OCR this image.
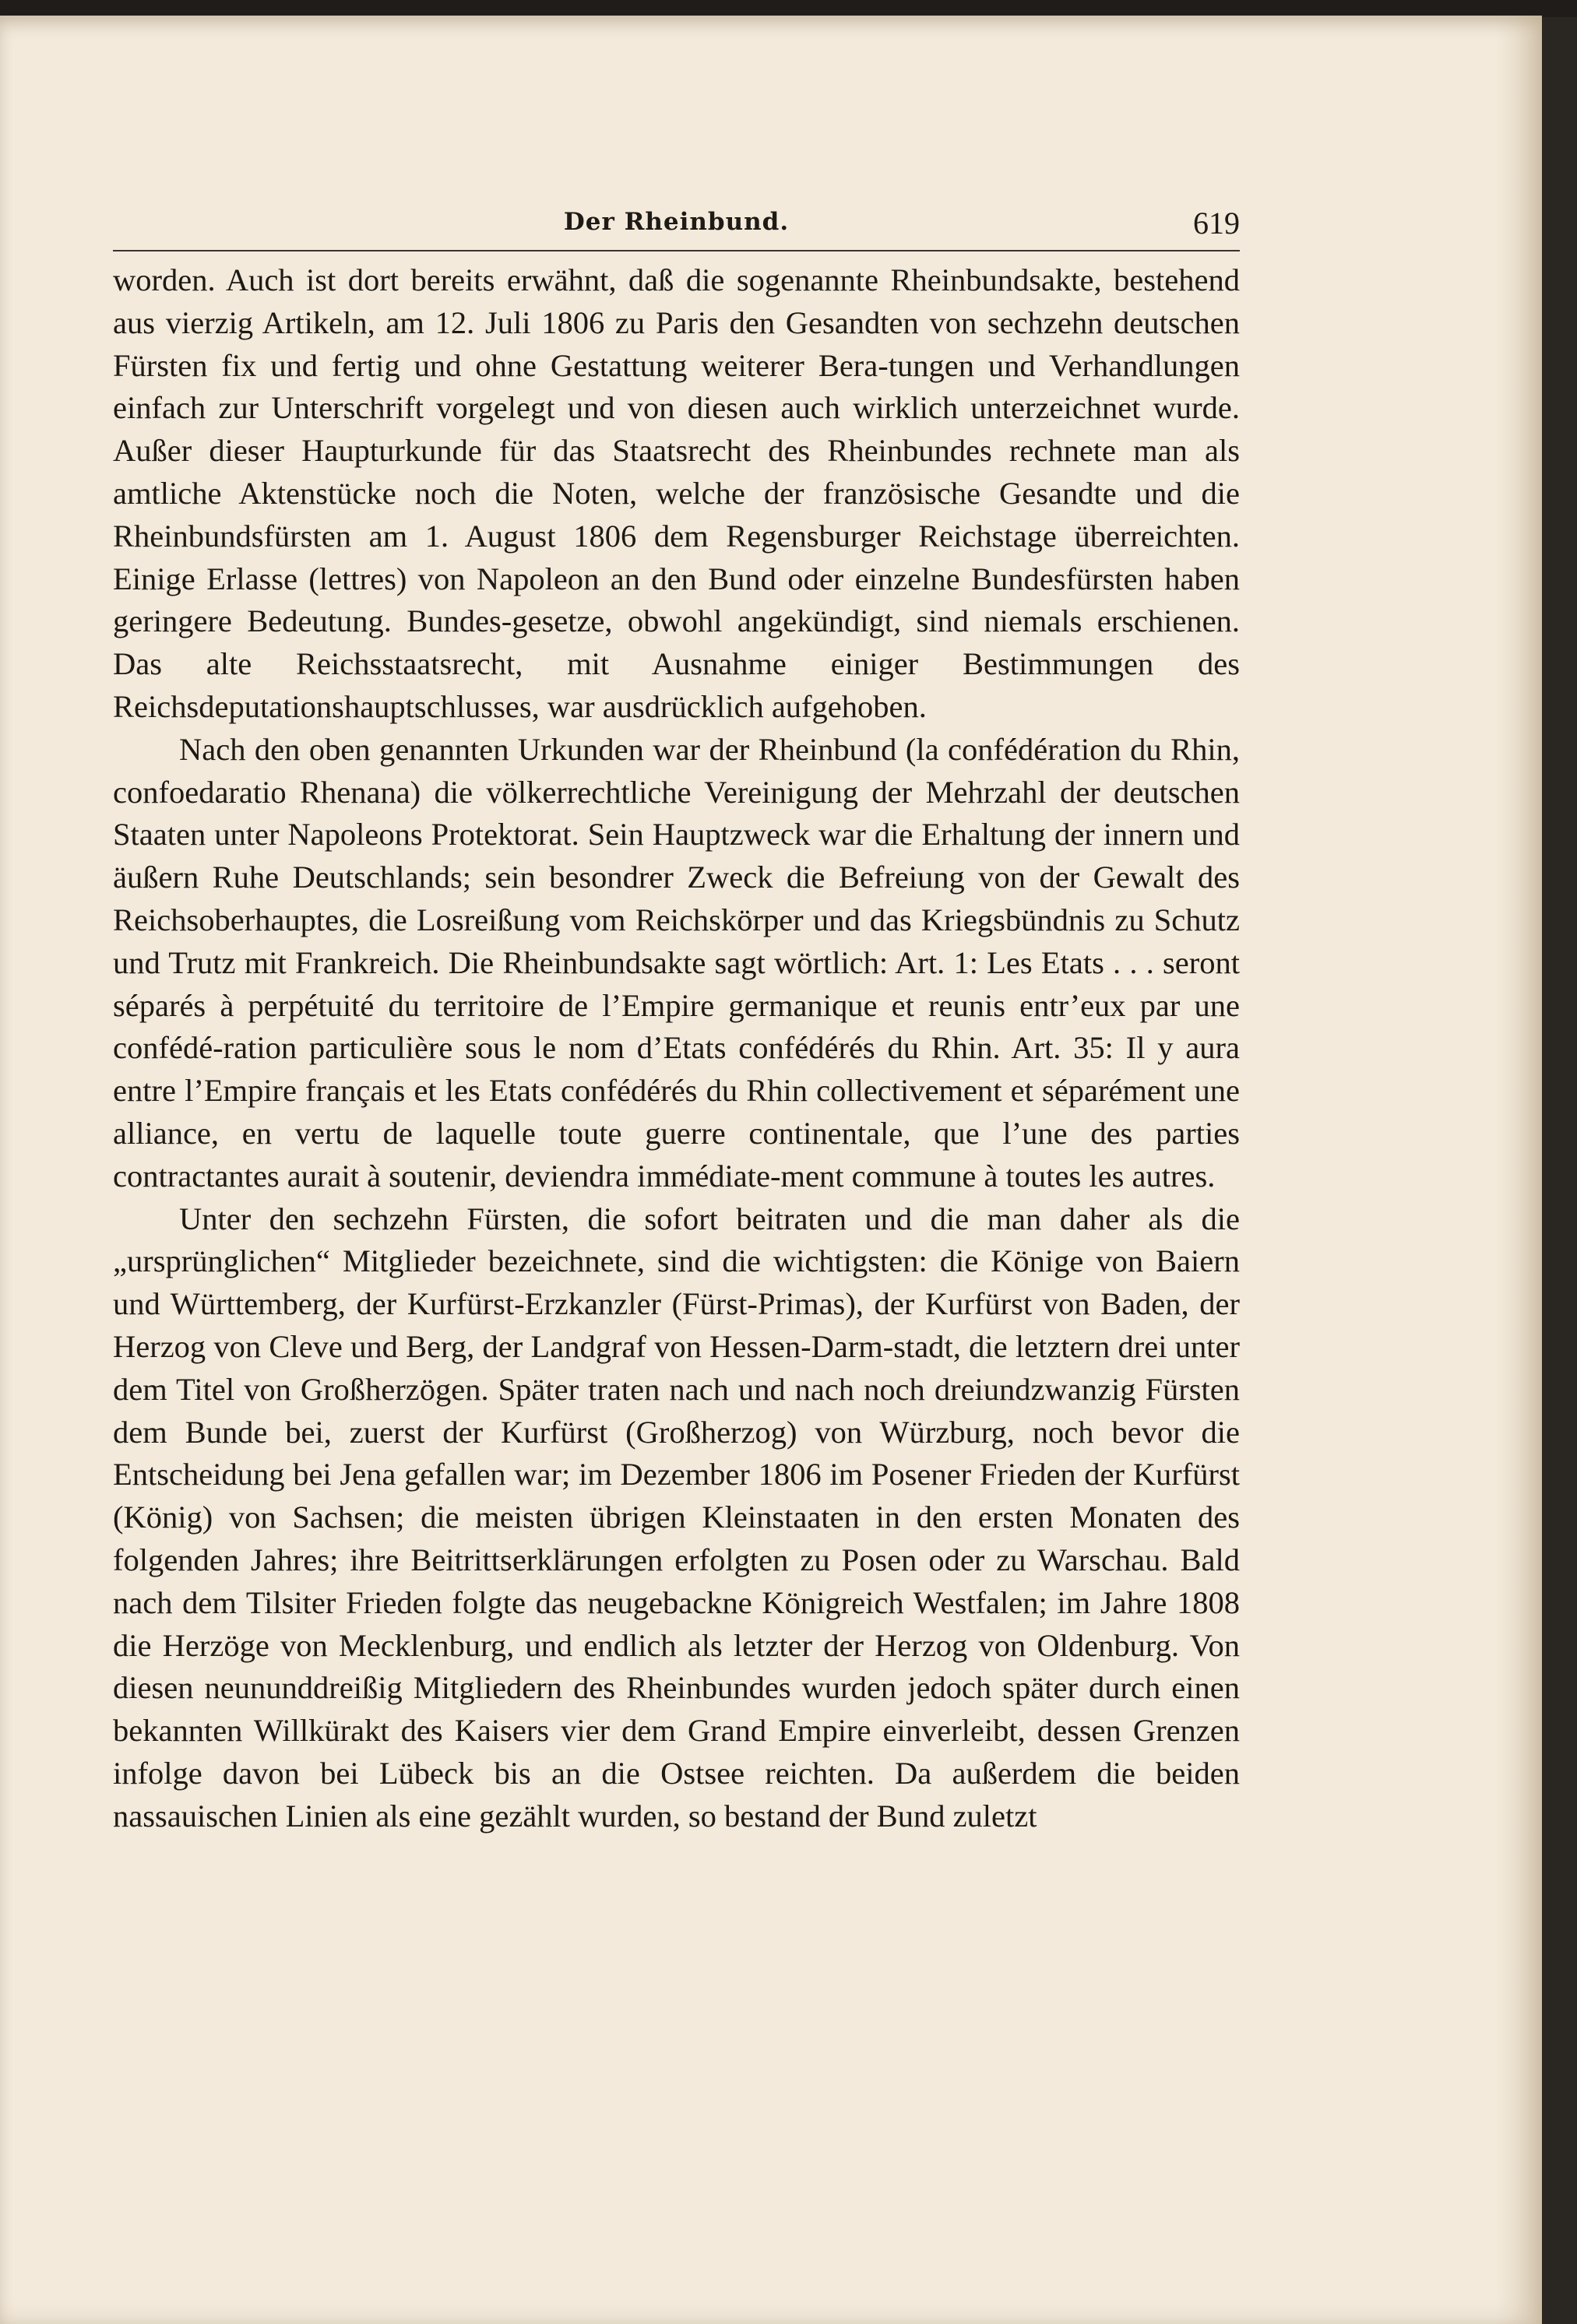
Der Rheinbund.	619

worden. Auch ist dort bereits erwähnt, daß die sogenannte Rheinbundsakte, bestehend aus vierzig Artikeln, am 12. Juli 1806 zu Paris den Gesandten von sechzehn deutschen Fürsten fix und fertig und ohne Gestattung weiterer Bera-tungen und Verhandlungen einfach zur Unterschrift vorgelegt und von diesen auch wirklich unterzeichnet wurde. Außer dieser Haupturkunde für das Staatsrecht des Rheinbundes rechnete man als amtliche Aktenstücke noch die Noten, welche der französische Gesandte und die Rheinbundsfürsten am 1. August 1806 dem Regensburger Reichstage überreichten. Einige Erlasse (lettres) von Napoleon an den Bund oder einzelne Bundesfürsten haben geringere Bedeutung. Bundes-gesetze, obwohl angekündigt, sind niemals erschienen. Das alte Reichsstaatsrecht, mit Ausnahme einiger Bestimmungen des Reichsdeputationshauptschlusses, war ausdrücklich aufgehoben.

Nach den oben genannten Urkunden war der Rheinbund (la confédération du Rhin, confoedaratio Rhenana) die völkerrechtliche Vereinigung der Mehrzahl der deutschen Staaten unter Napoleons Protektorat. Sein Hauptzweck war die Erhaltung der innern und äußern Ruhe Deutschlands; sein besondrer Zweck die Befreiung von der Gewalt des Reichsoberhauptes, die Losreißung vom Reichskörper und das Kriegsbündnis zu Schutz und Trutz mit Frankreich. Die Rheinbundsakte sagt wörtlich: Art. 1: Les Etats . . . seront séparés à perpétuité du territoire de l’Empire germanique et reunis entr’eux par une confédé-ration particulière sous le nom d’Etats confédérés du Rhin. Art. 35: Il y aura entre l’Empire français et les Etats confédérés du Rhin collectivement et séparément une alliance, en vertu de laquelle toute guerre continentale, que l’une des parties contractantes aurait à soutenir, deviendra immédiate-ment commune à toutes les autres.

Unter den sechzehn Fürsten, die sofort beitraten und die man daher als die „ursprünglichen“ Mitglieder bezeichnete, sind die wichtigsten: die Könige von Baiern und Württemberg, der Kurfürst-Erzkanzler (Fürst-Primas), der Kurfürst von Baden, der Herzog von Cleve und Berg, der Landgraf von Hessen-Darm-stadt, die letztern drei unter dem Titel von Großherzögen. Später traten nach und nach noch dreiundzwanzig Fürsten dem Bunde bei, zuerst der Kurfürst (Großherzog) von Würzburg, noch bevor die Entscheidung bei Jena gefallen war; im Dezember 1806 im Posener Frieden der Kurfürst (König) von Sachsen; die meisten übrigen Kleinstaaten in den ersten Monaten des folgenden Jahres; ihre Beitrittserklärungen erfolgten zu Posen oder zu Warschau. Bald nach dem Tilsiter Frieden folgte das neugebackne Königreich Westfalen; im Jahre 1808 die Herzöge von Mecklenburg, und endlich als letzter der Herzog von Oldenburg. Von diesen neununddreißig Mitgliedern des Rheinbundes wurden jedoch später durch einen bekannten Willkürakt des Kaisers vier dem Grand Empire einverleibt, dessen Grenzen infolge davon bei Lübeck bis an die Ostsee reichten. Da außerdem die beiden nassauischen Linien als eine gezählt wurden, so bestand der Bund zuletzt
